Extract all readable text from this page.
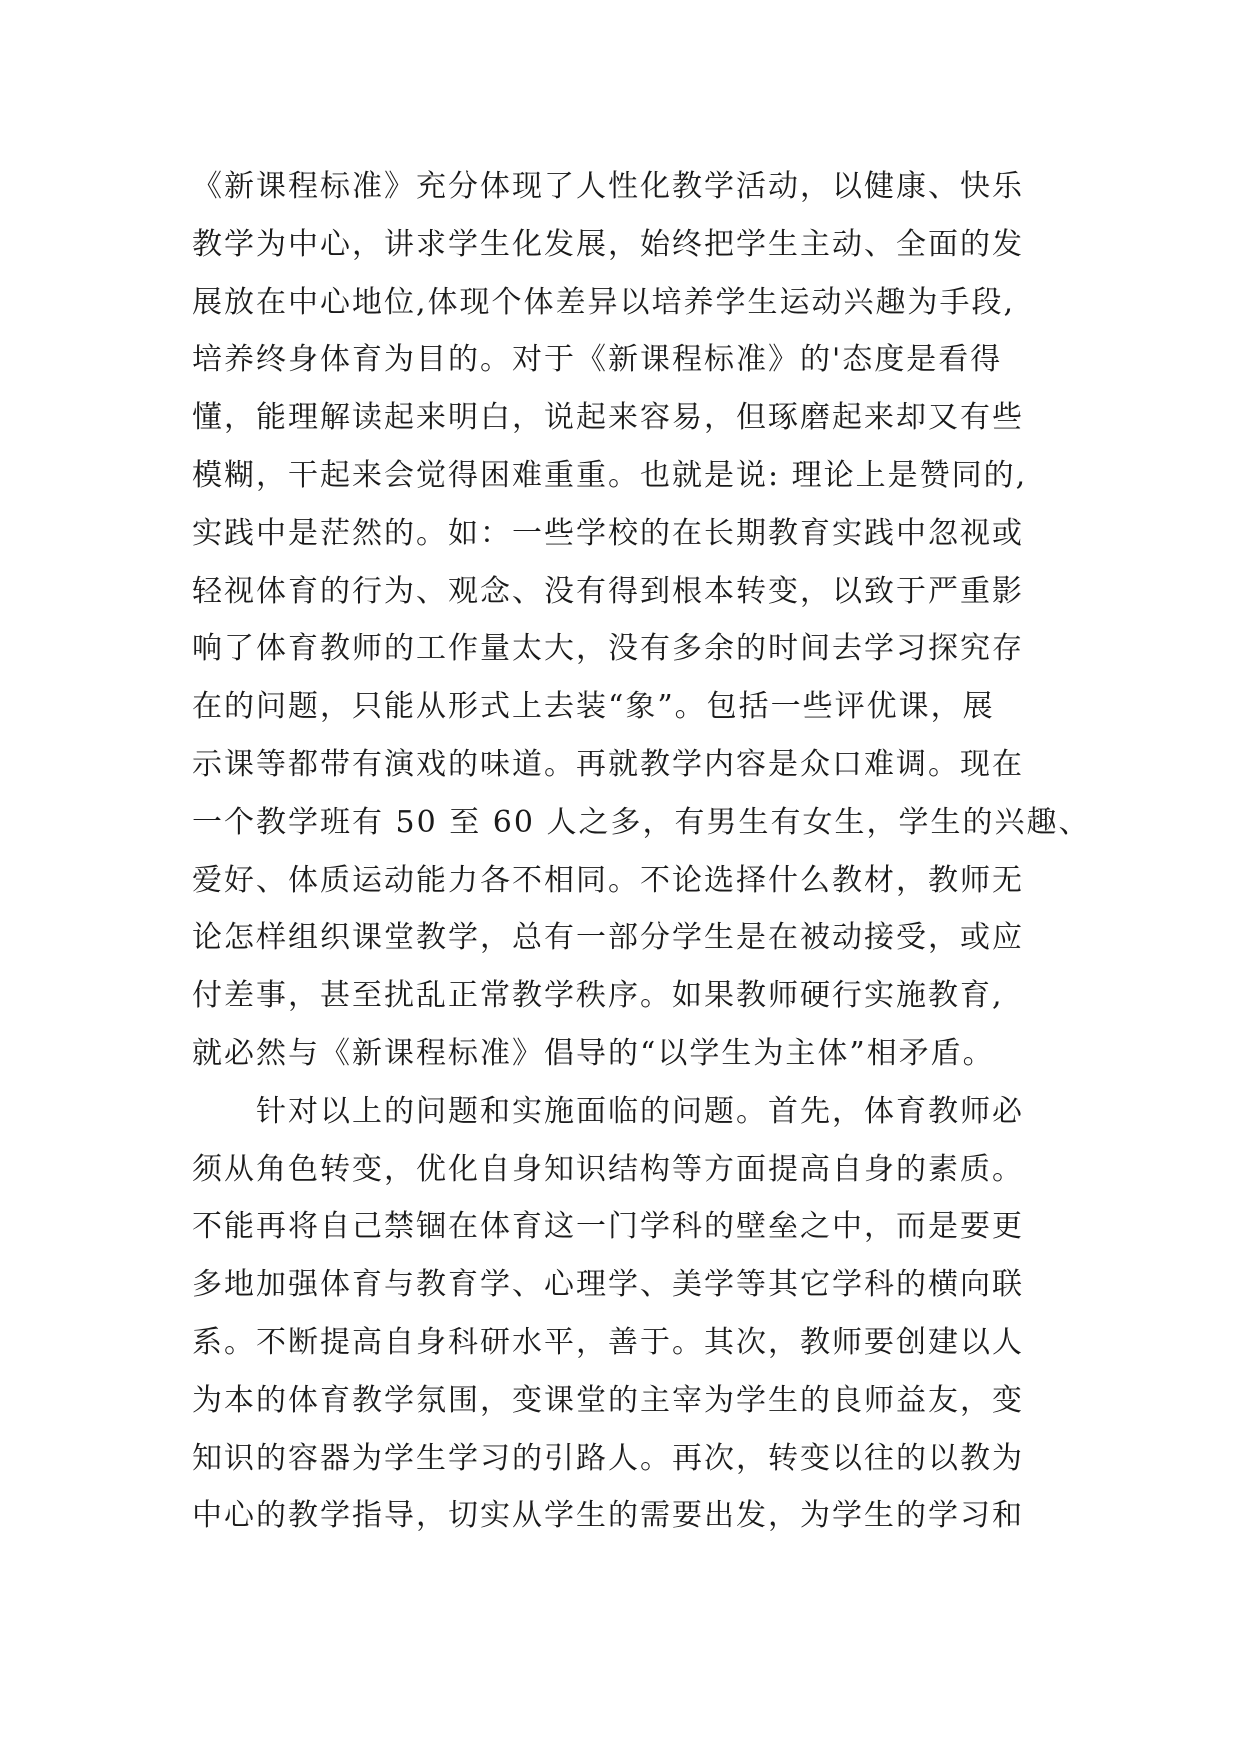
《新课程标准》充分体现了人性化教学活动，以健康、快乐
教学为中心，讲求学生化发展，始终把学生主动、全面的发
展放在中心地位,体现个体差异以培养学生运动兴趣为手段,
培养终身体育为目的。对于《新课程标准》的'态度是看得
懂，能理解读起来明白，说起来容易，但琢磨起来却又有些
模糊，干起来会觉得困难重重。也就是说: 理论上是赞同的,
实践中是茫然的。如：一些学校的在长期教育实践中忽视或
轻视体育的行为、观念、没有得到根本转变，以致于严重影
响了体育教师的工作量太大，没有多余的时间去学习探究存
在的问题，只能从形式上去装“象”。包括一些评优课，展
示课等都带有演戏的味道。再就教学内容是众口难调。现在
一个教学班有 50 至 60 人之多，有男生有女生，学生的兴趣、
爱好、体质运动能力各不相同。不论选择什么教材，教师无
论怎样组织课堂教学，总有一部分学生是在被动接受，或应
付差事，甚至扰乱正常教学秩序。如果教师硬行实施教育,
就必然与《新课程标准》倡导的“以学生为主体”相矛盾。
针对以上的问题和实施面临的问题。首先，体育教师必
须从角色转变，优化自身知识结构等方面提高自身的素质。
不能再将自己禁锢在体育这一门学科的壁垒之中，而是要更
多地加强体育与教育学、心理学、美学等其它学科的横向联
系。不断提高自身科研水平，善于。其次，教师要创建以人
为本的体育教学氛围，变课堂的主宰为学生的良师益友，变
知识的容器为学生学习的引路人。再次，转变以往的以教为
中心的教学指导，切实从学生的需要出发，为学生的学习和
